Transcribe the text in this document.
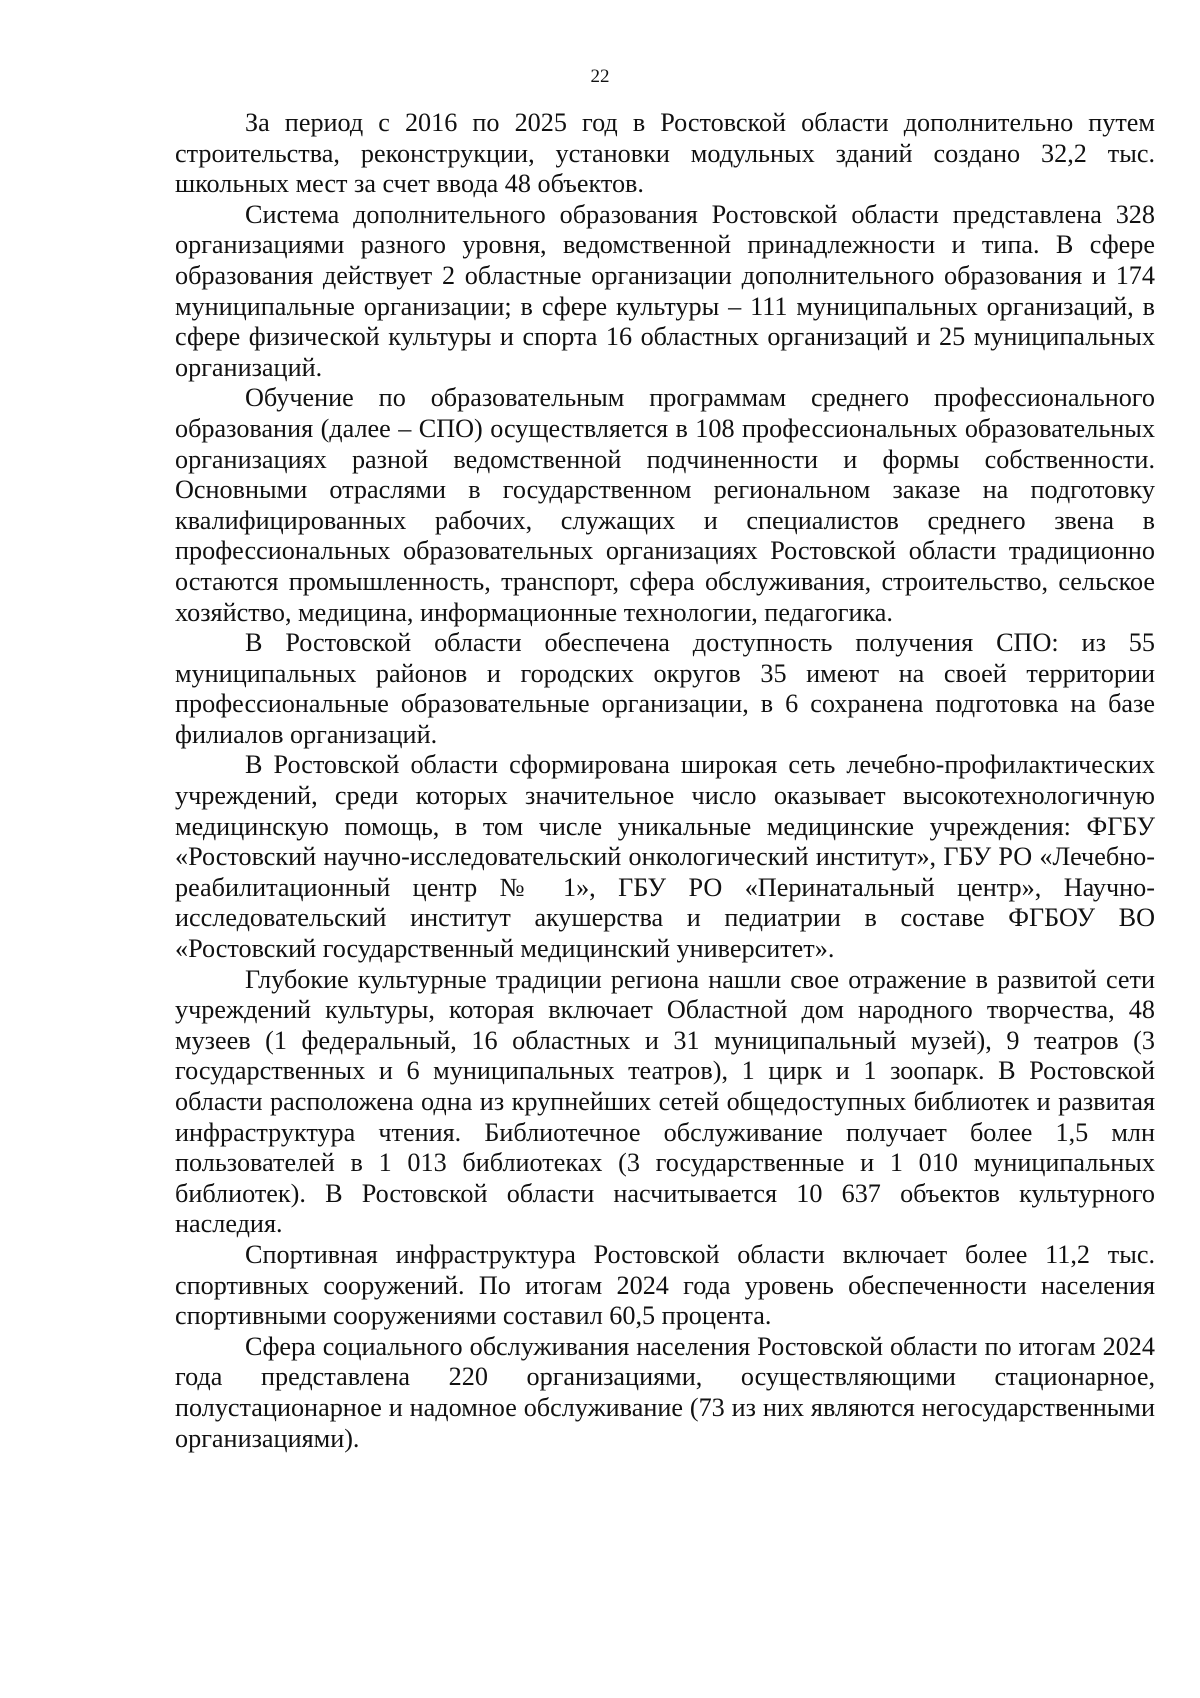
22

За период с 2016 по 2025 год в Ростовской области дополнительно путем строительства, реконструкции, установки модульных зданий создано 32,2 тыс. школьных мест за счет ввода 48 объектов.

Система дополнительного образования Ростовской области представлена 328 организациями разного уровня, ведомственной принадлежности и типа. В сфере образования действует 2 областные организации дополнительного образования и 174 муниципальные организации; в сфере культуры – 111 муниципальных организаций, в сфере физической культуры и спорта 16 областных организаций и 25 муниципальных организаций.

Обучение по образовательным программам среднего профессионального образования (далее – СПО) осуществляется в 108 профессиональных образовательных организациях разной ведомственной подчиненности и формы собственности. Основными отраслями в государственном региональном заказе на подготовку квалифицированных рабочих, служащих и специалистов среднего звена в профессиональных образовательных организациях Ростовской области традиционно остаются промышленность, транспорт, сфера обслуживания, строительство, сельское хозяйство, медицина, информационные технологии, педагогика.

В Ростовской области обеспечена доступность получения СПО: из 55 муниципальных районов и городских округов 35 имеют на своей территории профессиональные образовательные организации, в 6 сохранена подготовка на базе филиалов организаций.

В Ростовской области сформирована широкая сеть лечебно-профилактических учреждений, среди которых значительное число оказывает высокотехнологичную медицинскую помощь, в том числе уникальные медицинские учреждения: ФГБУ «Ростовский научно-исследовательский онкологический институт», ГБУ РО «Лечебно-реабилитационный центр № 1», ГБУ РО «Перинатальный центр», Научно-исследовательский институт акушерства и педиатрии в составе ФГБОУ ВО «Ростовский государственный медицинский университет».

Глубокие культурные традиции региона нашли свое отражение в развитой сети учреждений культуры, которая включает Областной дом народного творчества, 48 музеев (1 федеральный, 16 областных и 31 муниципальный музей), 9 театров (3 государственных и 6 муниципальных театров), 1 цирк и 1 зоопарк. В Ростовской области расположена одна из крупнейших сетей общедоступных библиотек и развитая инфраструктура чтения. Библиотечное обслуживание получает более 1,5 млн пользователей в 1 013 библиотеках (3 государственные и 1 010 муниципальных библиотек). В Ростовской области насчитывается 10 637 объектов культурного наследия.

Спортивная инфраструктура Ростовской области включает более 11,2 тыс. спортивных сооружений. По итогам 2024 года уровень обеспеченности населения спортивными сооружениями составил 60,5 процента.

Сфера социального обслуживания населения Ростовской области по итогам 2024 года представлена 220 организациями, осуществляющими стационарное, полустационарное и надомное обслуживание (73 из них являются негосударственными организациями).
